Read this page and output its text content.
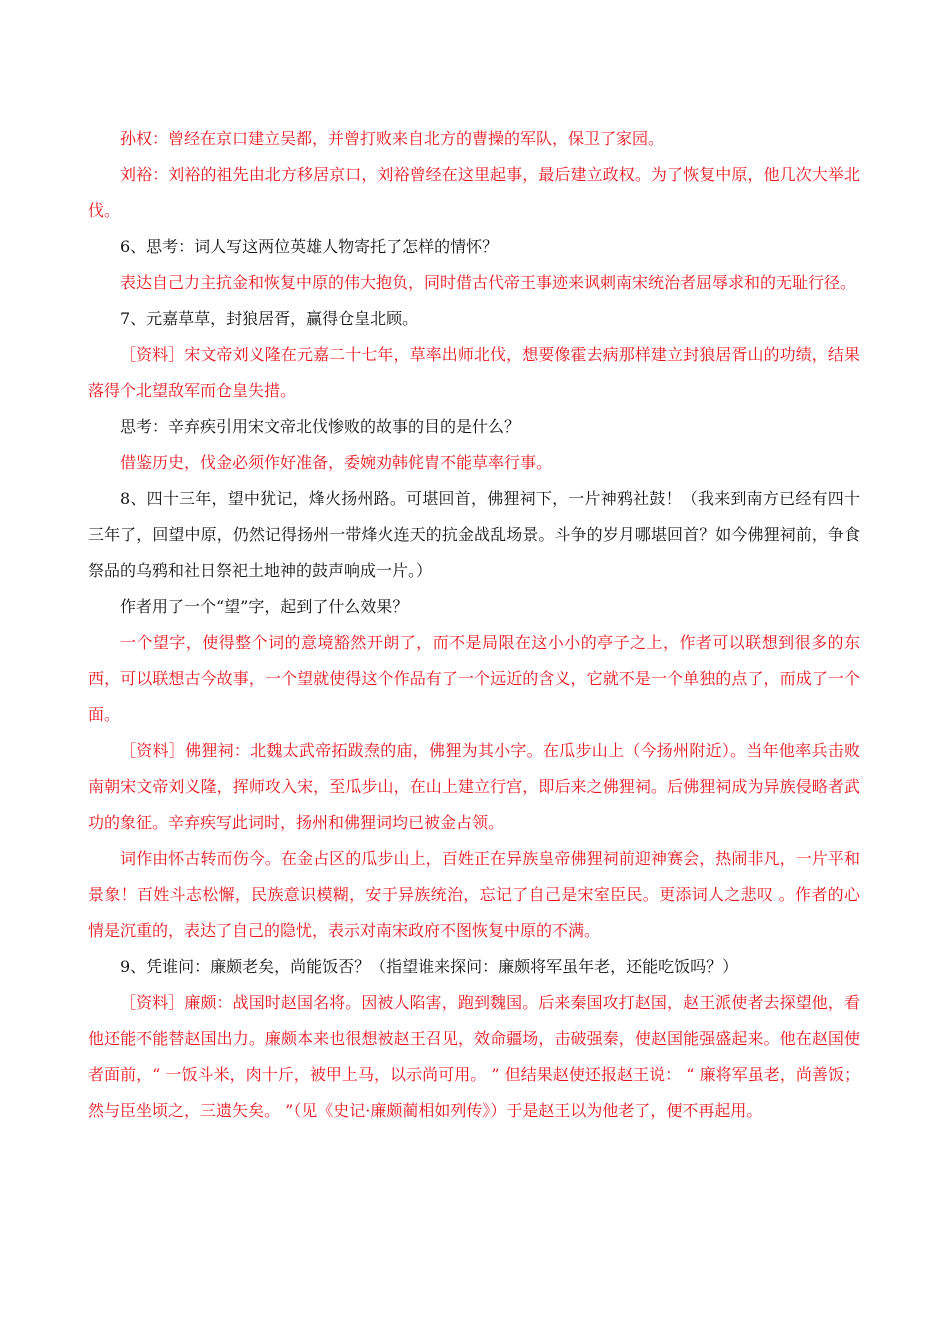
孙权：曾经在京口建立吴都，并曾打败来自北方的曹操的军队，保卫了家园。

刘裕：刘裕的祖先由北方移居京口，刘裕曾经在这里起事，最后建立政权。为了恢复中原，他几次大举北伐。

6、思考：词人写这两位英雄人物寄托了怎样的情怀？

表达自己力主抗金和恢复中原的伟大抱负，同时借古代帝王事迹来讽刺南宋统治者屈辱求和的无耻行径。

7、元嘉草草，封狼居胥，赢得仓皇北顾。

［资料］宋文帝刘义隆在元嘉二十七年，草率出师北伐，想要像霍去病那样建立封狼居胥山的功绩，结果落得个北望敌军而仓皇失措。

思考：辛弃疾引用宋文帝北伐惨败的故事的目的是什么？

借鉴历史，伐金必须作好准备，委婉劝韩侂胄不能草率行事。

8、四十三年，望中犹记，烽火扬州路。可堪回首，佛狸祠下，一片神鸦社鼓！（我来到南方已经有四十三年了，回望中原，仍然记得扬州一带烽火连天的抗金战乱场景。斗争的岁月哪堪回首？如今佛狸祠前，争食祭品的乌鸦和社日祭祀土地神的鼓声响成一片。）

作者用了一个“望”字，起到了什么效果？

一个望字，使得整个词的意境豁然开朗了，而不是局限在这小小的亭子之上，作者可以联想到很多的东西，可以联想古今故事，一个望就使得这个作品有了一个远近的含义，它就不是一个单独的点了，而成了一个面。

［资料］佛狸祠：北魏太武帝拓跋焘的庙，佛狸为其小字。在瓜步山上（今扬州附近）。当年他率兵击败南朝宋文帝刘义隆，挥师攻入宋，至瓜步山，在山上建立行宫，即后来之佛狸祠。后佛狸祠成为异族侵略者武功的象征。辛弃疾写此词时，扬州和佛狸词均已被金占领。

词作由怀古转而伤今。在金占区的瓜步山上，百姓正在异族皇帝佛狸祠前迎神赛会，热闹非凡，一片平和景象！百姓斗志松懈，民族意识模糊，安于异族统治，忘记了自己是宋室臣民。更添词人之悲叹 。作者的心情是沉重的，表达了自己的隐忧，表示对南宋政府不图恢复中原的不满。

9、凭谁问：廉颇老矣，尚能饭否？（指望谁来探问：廉颇将军虽年老，还能吃饭吗？）

［资料］廉颇：战国时赵国名将。因被人陷害，跑到魏国。后来秦国攻打赵国，赵王派使者去探望他，看他还能不能替赵国出力。廉颇本来也很想被赵王召见，效命疆场，击破强秦，使赵国能强盛起来。他在赵国使者面前，“ 一饭斗米，肉十斤，被甲上马，以示尚可用。 ” 但结果赵使还报赵王说： “ 廉将军虽老，尚善饭；然与臣坐顷之，三遗矢矣。 ”（见《史记·廉颇蔺相如列传》）于是赵王以为他老了，便不再起用。
